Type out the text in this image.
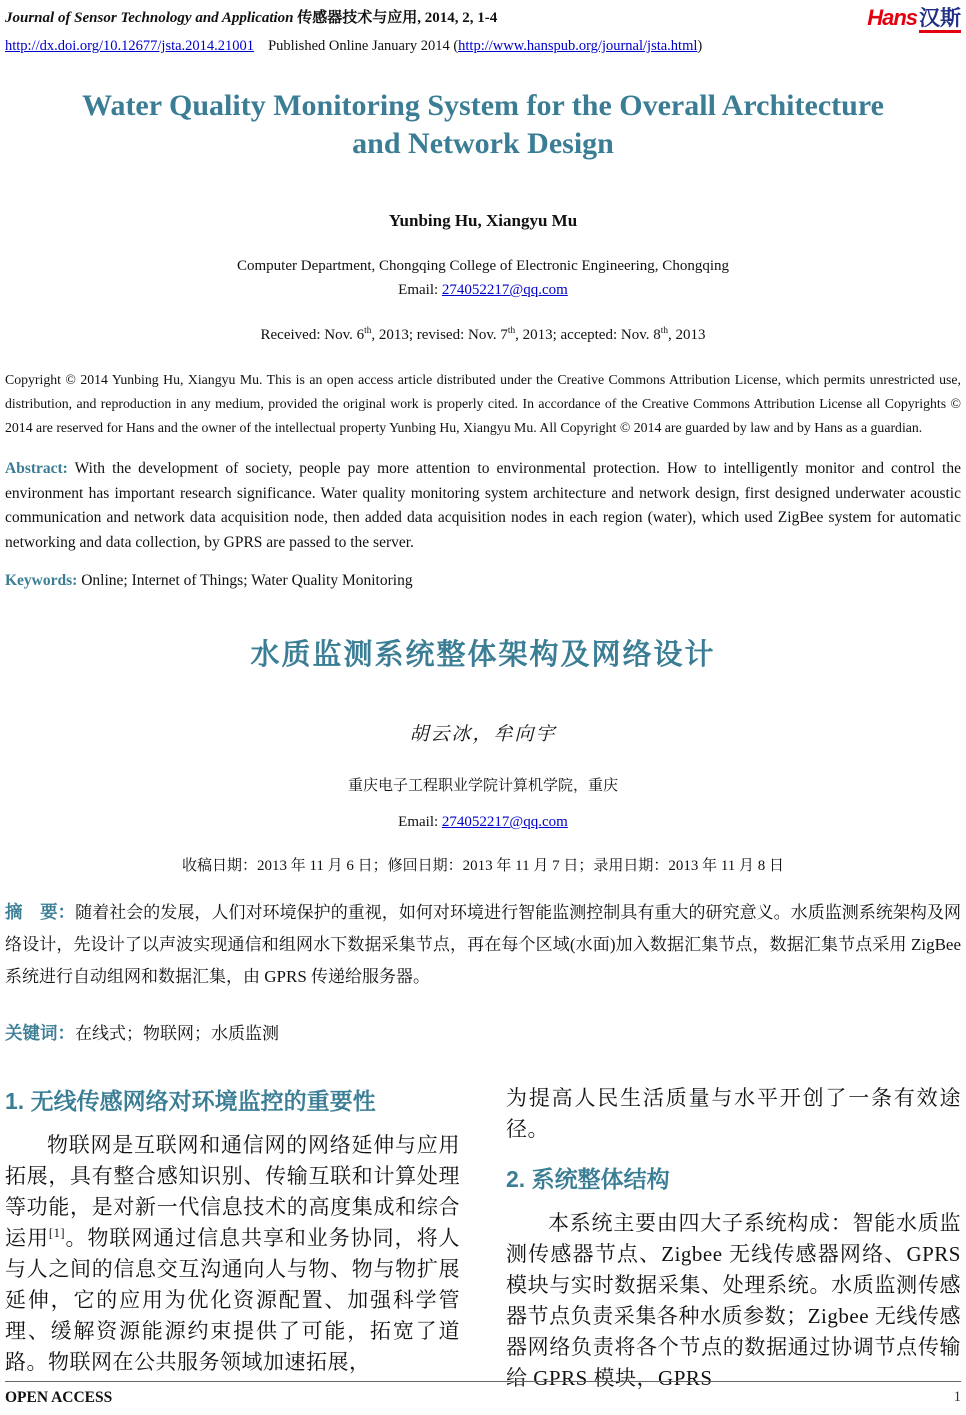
Journal of Sensor Technology and Application 传感器技术与应用, 2014, 2, 1-4	Hans汉斯
http://dx.doi.org/10.12677/jsta.2014.21001 Published Online January 2014 (http://www.hanspub.org/journal/jsta.html)
Water Quality Monitoring System for the Overall Architecture
and Network Design
Yunbing Hu, Xiangyu Mu
Computer Department, Chongqing College of Electronic Engineering, Chongqing
Email: 274052217@qq.com
Received: Nov. 6th, 2013; revised: Nov. 7th, 2013; accepted: Nov. 8th, 2013

Copyright © 2014 Yunbing Hu, Xiangyu Mu. This is an open access article distributed under the Creative Commons Attribution License, which permits unrestricted use, distribution, and reproduction in any medium, provided the original work is properly cited. In accordance of the Creative Commons Attribution License all Copyrights © 2014 are reserved for Hans and the owner of the intellectual property Yunbing Hu, Xiangyu Mu. All Copyright © 2014 are guarded by law and by Hans as a guardian.

Abstract: With the development of society, people pay more attention to environmental protection. How to intelligently monitor and control the environment has important research significance. Water quality monitoring system architecture and network design, first designed underwater acoustic communication and network data acquisition node, then added data acquisition nodes in each region (water), which used ZigBee system for automatic networking and data collection, by GPRS are passed to the server.

Keywords: Online; Internet of Things; Water Quality Monitoring

水质监测系统整体架构及网络设计
胡云冰，牟向宇
重庆电子工程职业学院计算机学院，重庆
Email: 274052217@qq.com
收稿日期：2013 年 11 月 6 日；修回日期：2013 年 11 月 7 日；录用日期：2013 年 11 月 8 日

摘　要：随着社会的发展，人们对环境保护的重视，如何对环境进行智能监测控制具有重大的研究意义。水质监测系统架构及网络设计，先设计了以声波实现通信和组网水下数据采集节点，再在每个区域(水面)加入数据汇集节点，数据汇集节点采用 ZigBee 系统进行自动组网和数据汇集，由 GPRS 传递给服务器。

关键词：在线式；物联网；水质监测

1. 无线传感网络对环境监控的重要性

物联网是互联网和通信网的网络延伸与应用拓展，具有整合感知识别、传输互联和计算处理等功能，是对新一代信息技术的高度集成和综合运用[1]。物联网通过信息共享和业务协同，将人与人之间的信息交互沟通向人与物、物与物扩展延伸，它的应用为优化资源配置、加强科学管理、缓解资源能源约束提供了可能，拓宽了道路。物联网在公共服务领域加速拓展，

为提高人民生活质量与水平开创了一条有效途径。

2. 系统整体结构

本系统主要由四大子系统构成：智能水质监测传感器节点、Zigbee 无线传感器网络、GPRS 模块与实时数据采集、处理系统。水质监测传感器节点负责采集各种水质参数；Zigbee 无线传感器网络负责将各个节点的数据通过协调节点传输给 GPRS 模块，GPRS

OPEN ACCESS	1
